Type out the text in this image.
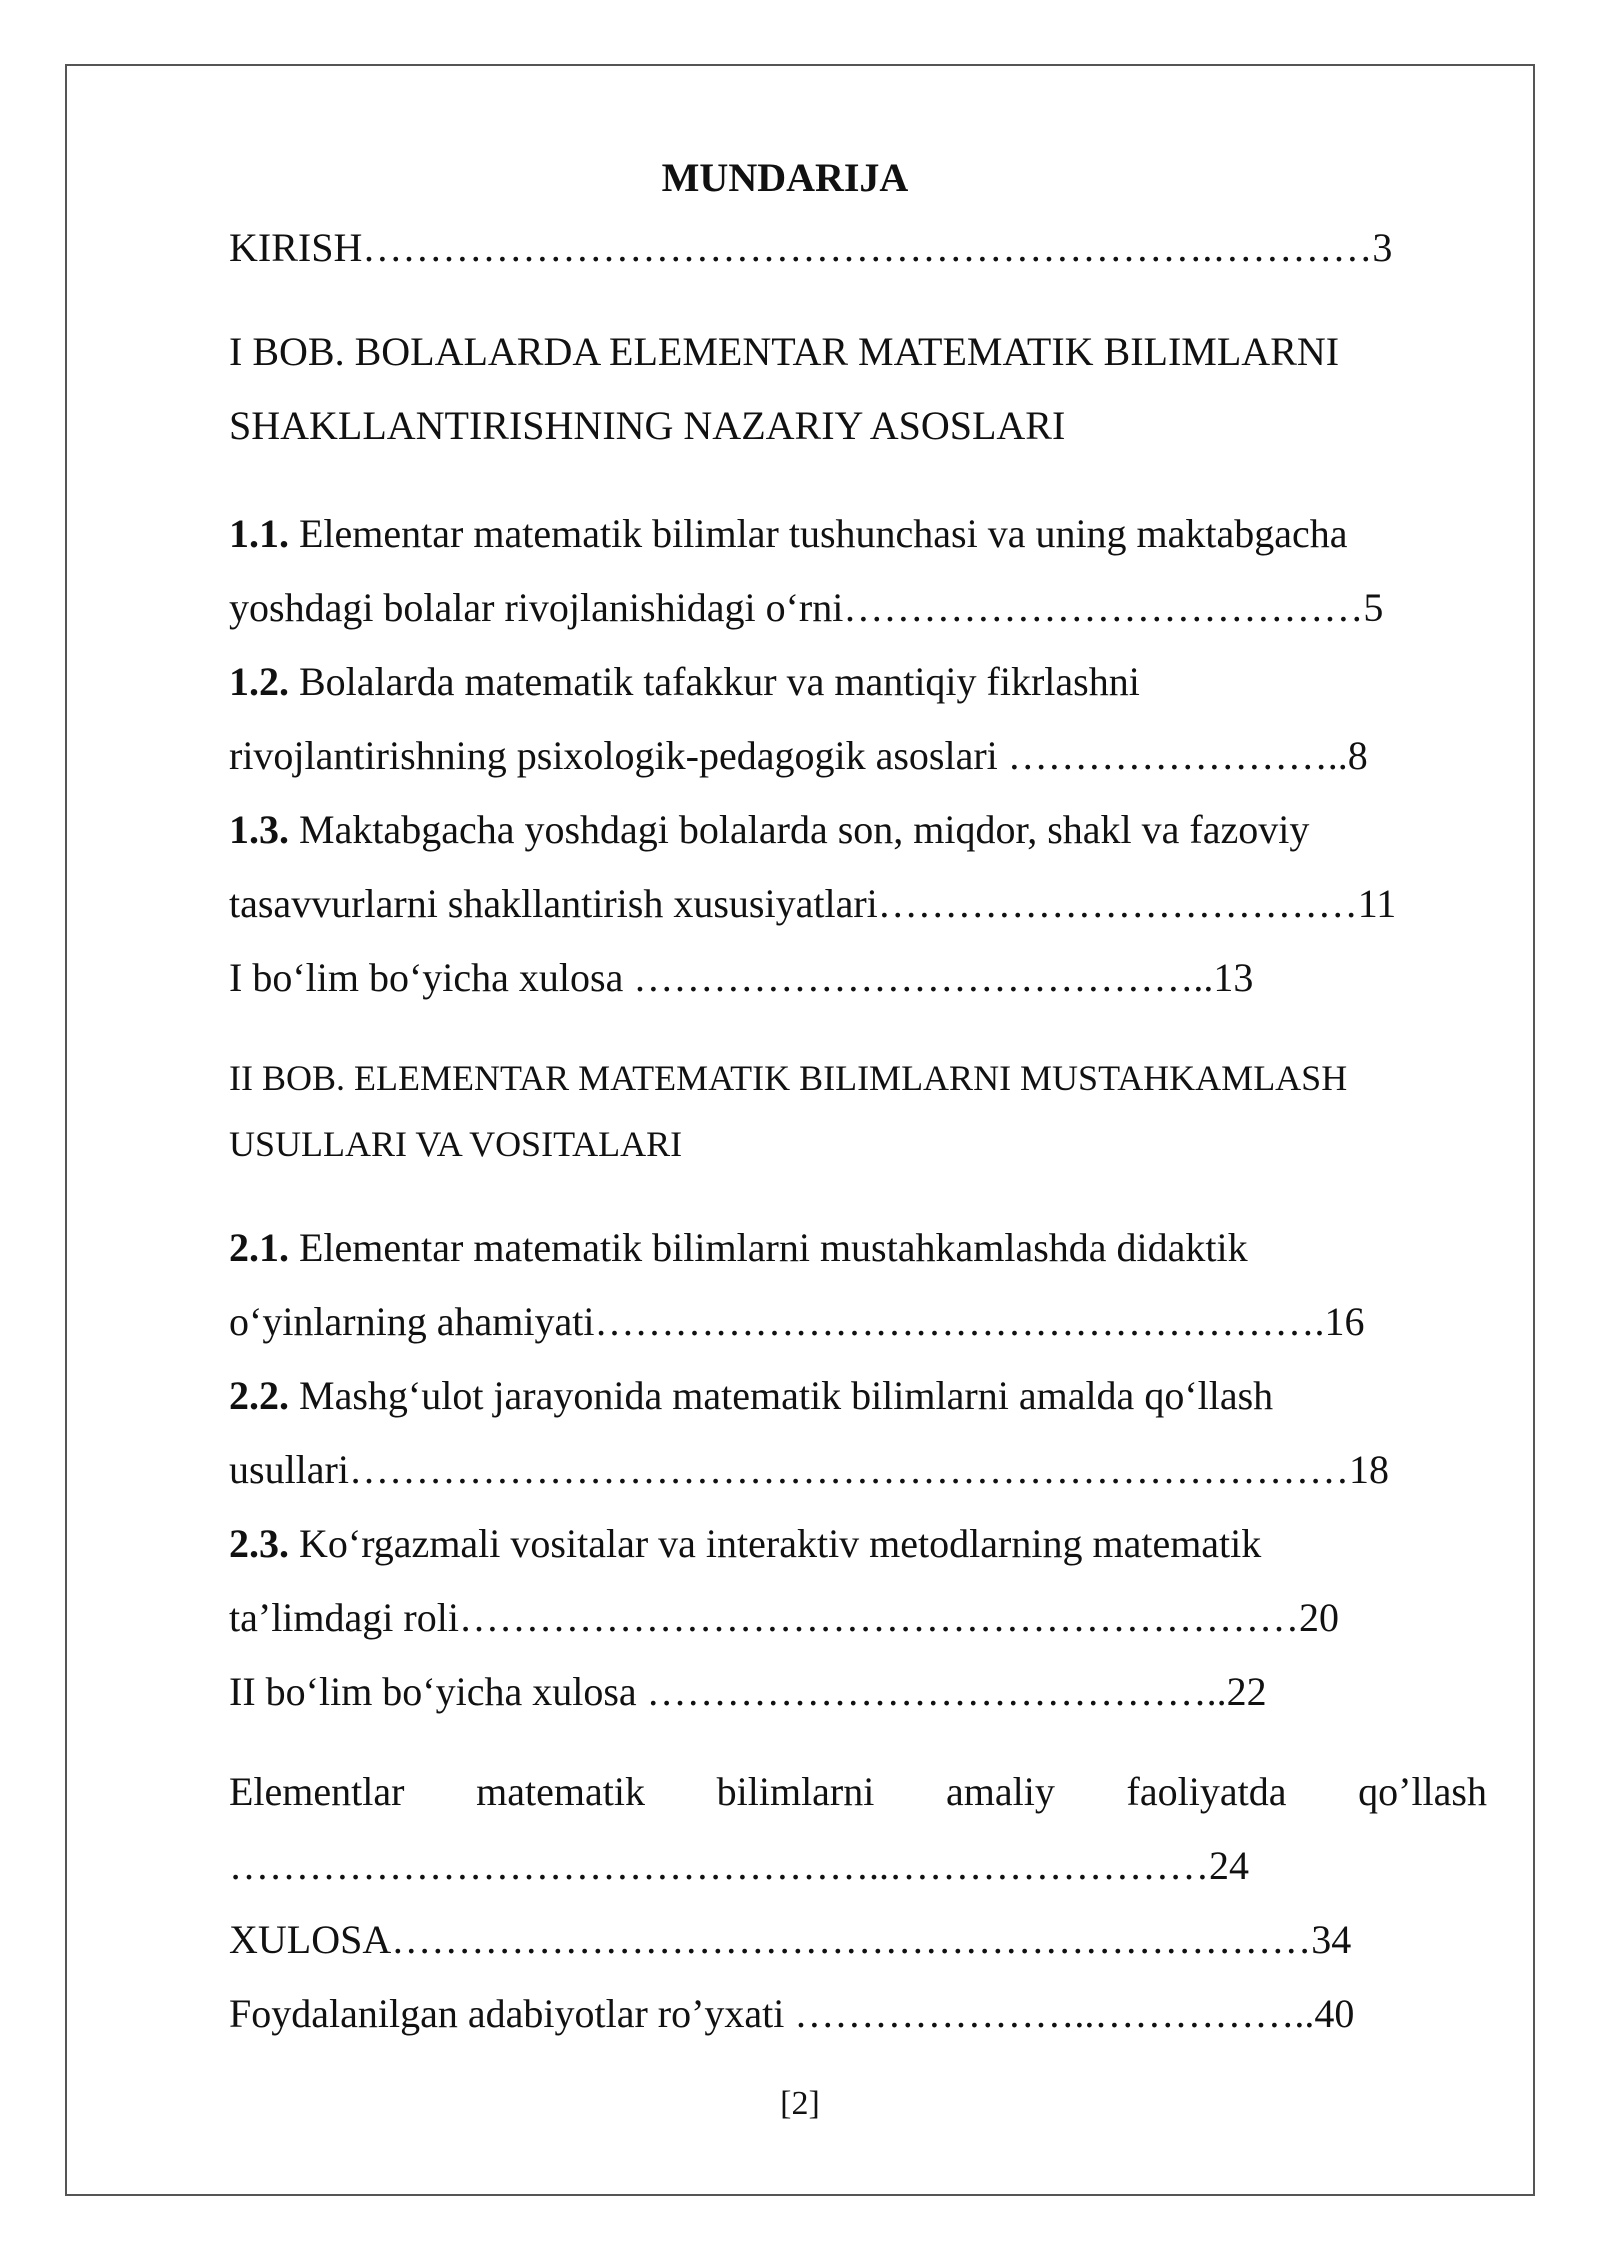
MUNDARIJA
KIRISH……………………………………………………….…………3
I BOB. BOLALARDA ELEMENTAR MATEMATIK BILIMLARNI
SHAKLLANTIRISHNING NAZARIY ASOSLARI
1.1. Elementar matematik bilimlar tushunchasi va uning maktabgacha
yoshdagi bolalar rivojlanishidagi o‘rni…………………………………5
1.2. Bolalarda matematik tafakkur va mantiqiy fikrlashni
rivojlantirishning psixologik-pedagogik asoslari ……………………..8
1.3. Maktabgacha yoshdagi bolalarda son, miqdor, shakl va fazoviy
tasavvurlarni shakllantirish xususiyatlari………………………………11
I bo‘lim bo‘yicha xulosa ……………………………………..13
II BOB. ELEMENTAR MATEMATIK BILIMLARNI MUSTAHKAMLASH
USULLARI VA VOSITALARI
2.1. Elementar matematik bilimlarni mustahkamlashda didaktik
o‘yinlarning ahamiyati……………………………………………….16
2.2. Mashg‘ulot jarayonida matematik bilimlarni amalda qo‘llash
usullari…………………………………………………………………18
2.3. Ko‘rgazmali vositalar va interaktiv metodlarning matematik
ta’limdagi roli………………………………………………………20
II bo‘lim bo‘yicha xulosa ……………………………………..22
Elementlar matematik bilimlarni amaliy faoliyatda qo’llash
…………………………………………..……………………24
XULOSA……………………………………………………………34
Foydalanilgan adabiyotlar ro’yxati …………………..……………..40
[2]
